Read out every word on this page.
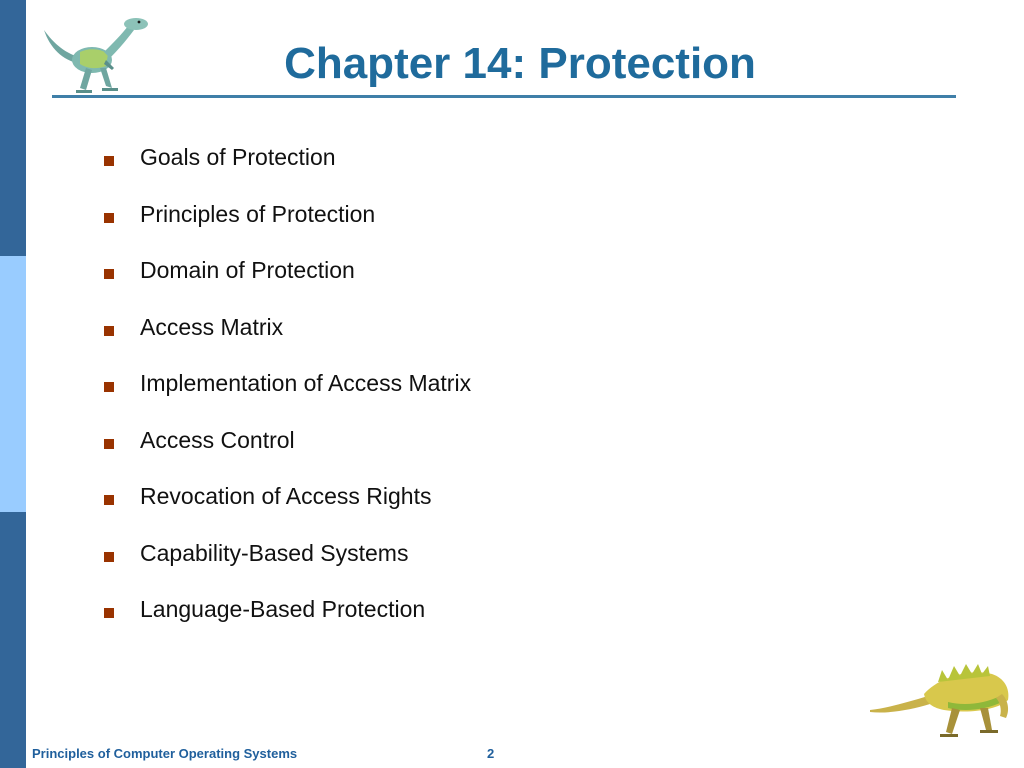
Chapter 14: Protection
Goals of Protection
Principles of Protection
Domain of Protection
Access Matrix
Implementation of Access Matrix
Access Control
Revocation of Access Rights
Capability-Based Systems
Language-Based Protection
Principles of Computer Operating Systems	2
